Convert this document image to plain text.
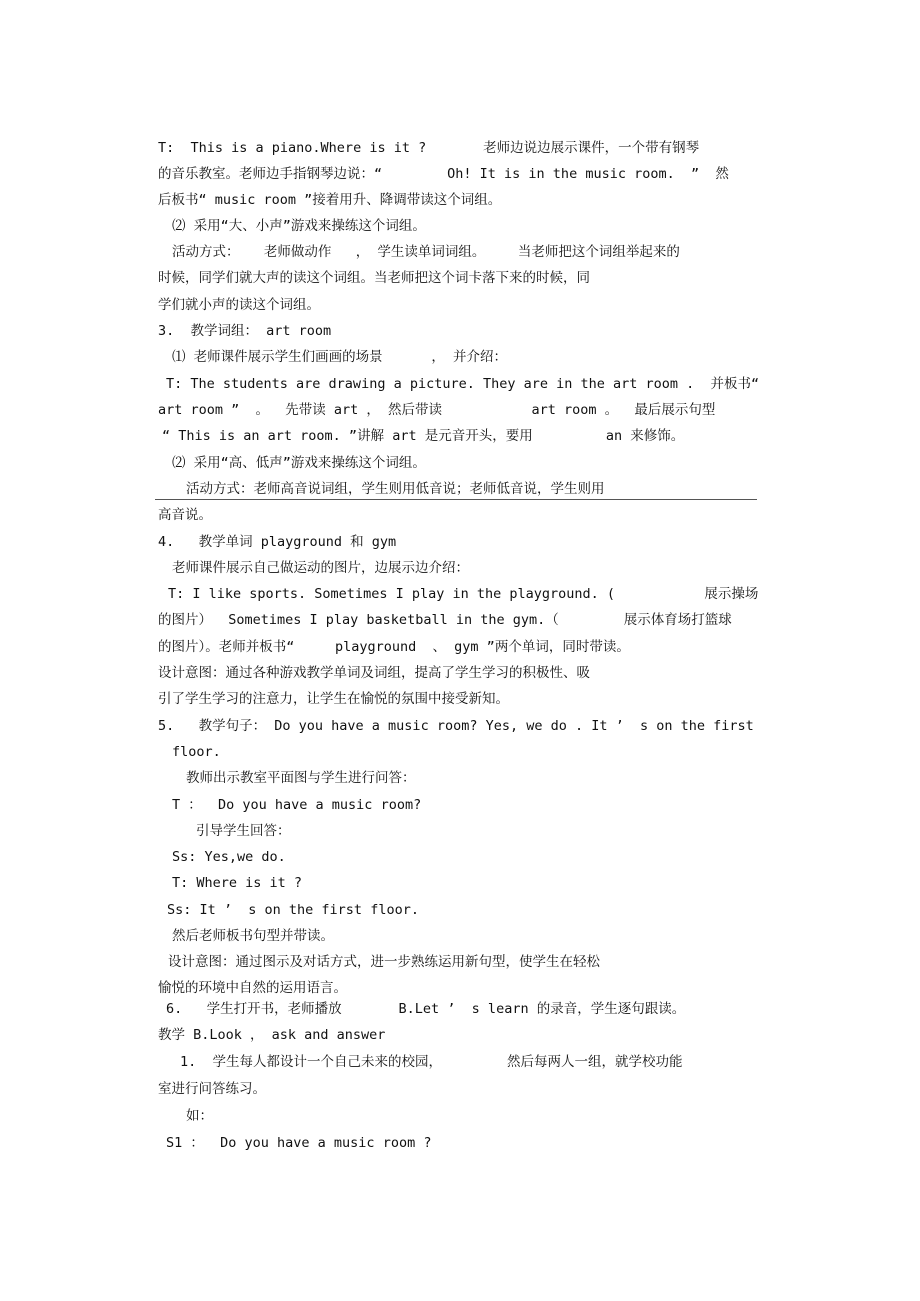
T:  This is a piano.Where is it ?       老师边说边展示课件，一个带有钢琴
的音乐教室。老师边手指钢琴边说：“        Oh! It is in the music room.  ”  然
后板书“ music room ”接着用升、降调带读这个词组。
⑵ 采用“大、小声”游戏来操练这个词组。
活动方式：   老师做动作   ， 学生读单词词组。    当老师把这个词组举起来的
时候，同学们就大声的读这个词组。当老师把这个词卡落下来的时候，同
学们就小声的读这个词组。
3.  教学词组： art room
⑴ 老师课件展示学生们画画的场景      ， 并介绍：
T: The students are drawing a picture. They are in the art room .  并板书“
art room ”  。  先带读 art ， 然后带读           art room 。  最后展示句型
“ This is an art room. ”讲解 art 是元音开头，要用         an 来修饰。
⑵ 采用“高、低声”游戏来操练这个词组。
活动方式：老师高音说词组，学生则用低音说；老师低音说，学生则用
高音说。
4.   教学单词 playground 和 gym
老师课件展示自己做运动的图片，边展示边介绍：
T: I like sports. Sometimes I play in the playground. (           展示操场
的图片）  Sometimes I play basketball in the gym.（        展示体育场打篮球
的图片）。老师并板书“     playground  、 gym ”两个单词，同时带读。
设计意图：通过各种游戏教学单词及词组，提高了学生学习的积极性、吸
引了学生学习的注意力，让学生在愉悦的氛围中接受新知。
5.   教学句子： Do you have a music room? Yes, we do . It ’  s on the first
floor.
教师出示教室平面图与学生进行问答：
T ：  Do you have a music room?
引导学生回答：
Ss: Yes,we do.
T: Where is it ?
Ss: It ’  s on the first floor.
然后老师板书句型并带读。
设计意图：通过图示及对话方式，进一步熟练运用新句型，使学生在轻松
愉悦的环境中自然的运用语言。
6.   学生打开书，老师播放       B.Let ’  s learn 的录音，学生逐句跟读。
教学 B.Look ， ask and answer
1.  学生每人都设计一个自己未来的校园，        然后每两人一组，就学校功能
室进行问答练习。
如：
S1 ：  Do you have a music room ?
